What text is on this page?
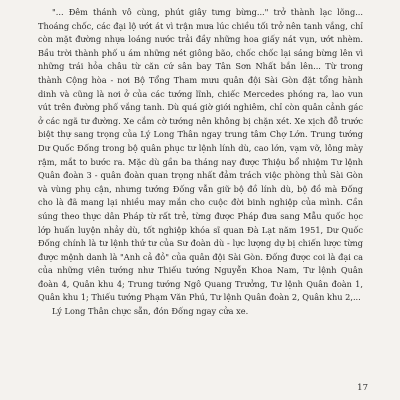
"... Đêm thánh vô cùng, phút giây tưng bừng..." trở thành lạc lõng... Thoáng chốc, các đại lộ ướt át vì trận mưa lúc chiều tối trở nên tanh vắng, chỉ còn mặt đường nhựa loáng nước trải đầy những hoa giấy nát vụn, ướt nhèm. Bầu trời thành phố u ám những nét giông bão, chốc chốc lại sáng bừng lên vì những trái hỏa châu từ căn cứ sân bay Tân Sơn Nhất bắn lên... Từ trong thành Cộng hòa - nơi Bộ Tổng Tham mưu quân đội Sài Gòn đặt tổng hành dinh và cũng là nơi ở của các tướng lĩnh, chiếc Mercedes phóng ra, lao vun vút trên đường phố vắng tanh. Dù quá giờ giới nghiêm, chỉ còn quân cảnh gác ở các ngã tư đường. Xe cắm cờ tướng nên không bị chặn xét. Xe xịch đỗ trước biệt thự sang trọng của Lý Long Thân ngay trung tâm Chợ Lớn. Trung tướng Dư Quốc Đống trong bộ quân phục tư lệnh lính dù, cao lớn, vạm vỡ, lông mày rậm, mắt to bước ra. Mặc dù gần ba tháng nay được Thiệu bổ nhiệm Tư lệnh Quân đoàn 3 - quân đoàn quan trọng nhất đảm trách việc phòng thủ Sài Gòn và vùng phụ cận, nhưng tướng Đống vẫn giữ bộ đồ lính dù, bộ đồ mà Đống cho là đã mang lại nhiều may mắn cho cuộc đời binh nghiệp của mình. Cần súng theo thực dân Pháp từ rất trẻ, từng được Pháp đưa sang Mẫu quốc học lớp huấn luyện nhảy dù, tốt nghiệp khóa sĩ quan Đà Lạt năm 1951, Dư Quốc Đống chính là tư lệnh thứ tư của Sư đoàn dù - lực lượng dự bị chiến lược từng được mệnh danh là "Anh cả đỏ" của quân đội Sài Gòn. Đống được coi là đại ca của những viên tướng như Thiếu tướng Nguyễn Khoa Nam, Tư lệnh Quân đoàn 4, Quân khu 4; Trung tướng Ngô Quang Trưởng, Tư lệnh Quân đoàn 1, Quân khu 1; Thiếu tướng Phạm Văn Phú, Tư lệnh Quân đoàn 2, Quân khu 2,...

Lý Long Thân chực sẵn, đón Đống ngay cửa xe.

17
